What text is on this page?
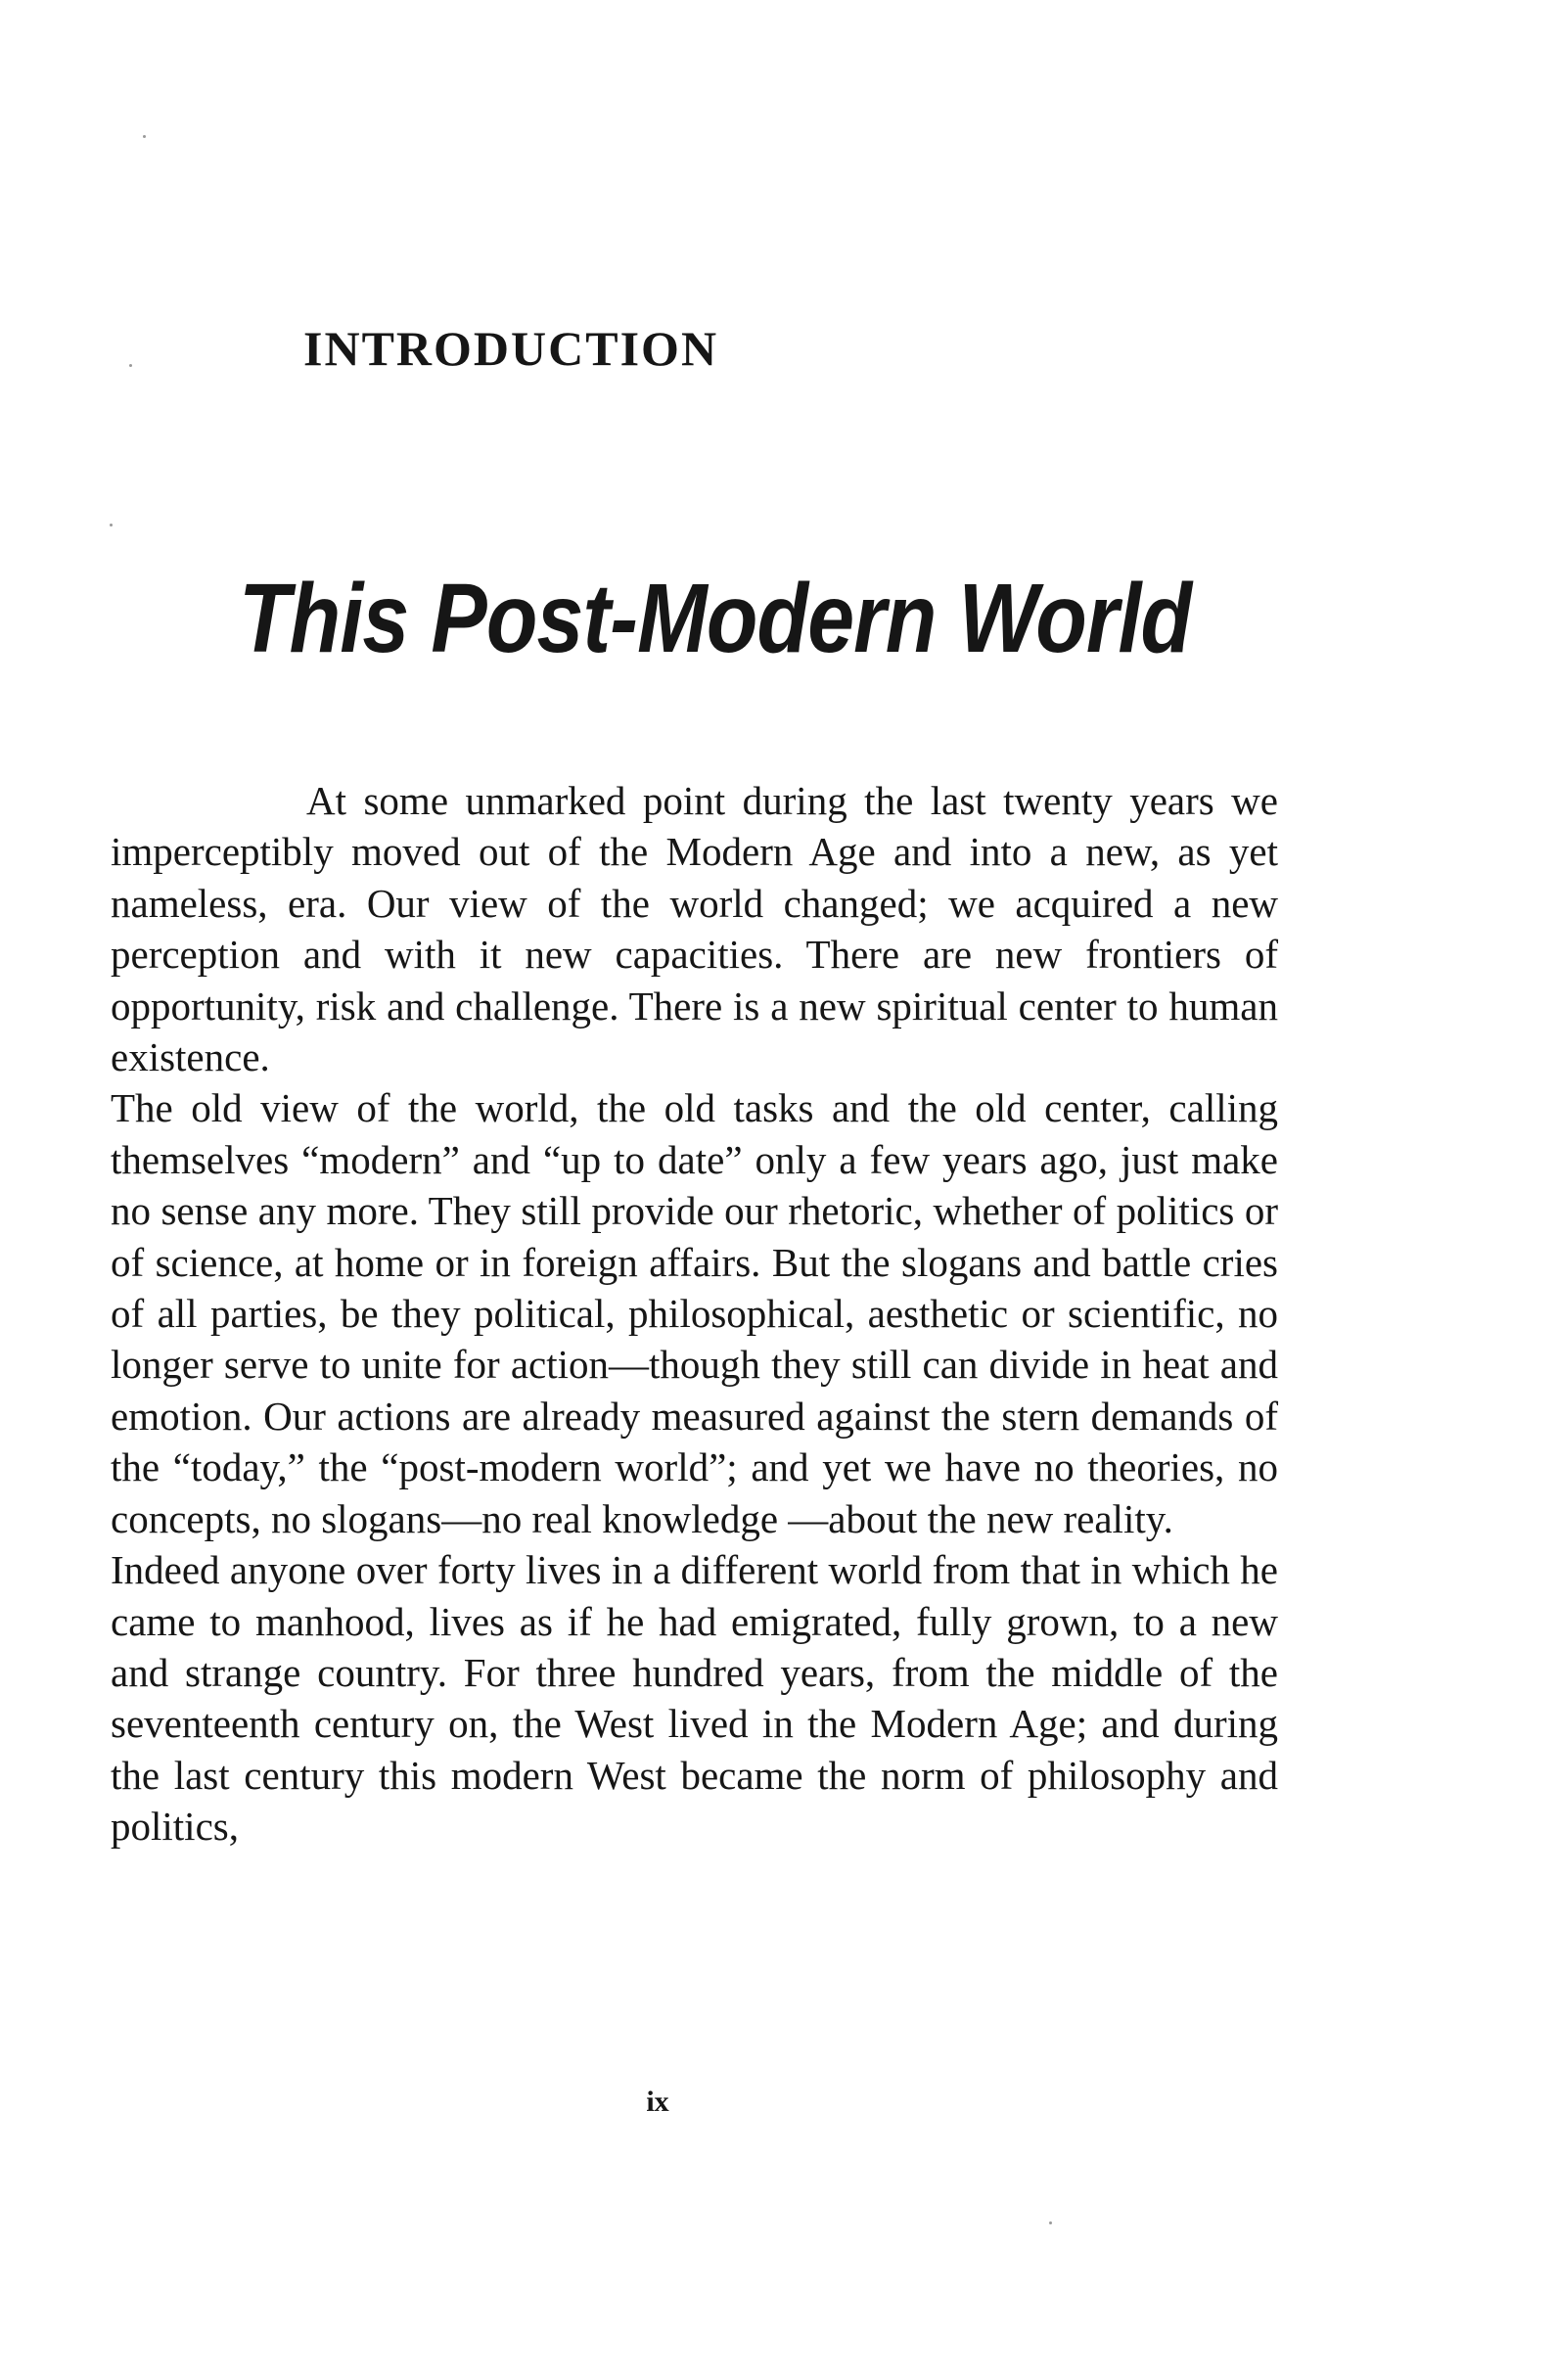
INTRODUCTION
This Post-Modern World

At some unmarked point during the last twenty years we imperceptibly moved out of the Modern Age and into a new, as yet nameless, era. Our view of the world changed; we acquired a new perception and with it new capacities. There are new frontiers of opportunity, risk and challenge. There is a new spiritual center to human existence.

The old view of the world, the old tasks and the old center, calling themselves “modern” and “up to date” only a few years ago, just make no sense any more. They still provide our rhetoric, whether of politics or of science, at home or in foreign affairs. But the slogans and battle cries of all parties, be they political, philosophical, aesthetic or scientific, no longer serve to unite for action—though they still can divide in heat and emotion. Our actions are already measured against the stern demands of the “today,” the “post-modern world”; and yet we have no theories, no concepts, no slogans—no real knowledge —about the new reality.

Indeed anyone over forty lives in a different world from that in which he came to manhood, lives as if he had emigrated, fully grown, to a new and strange country. For three hundred years, from the middle of the seventeenth century on, the West lived in the Modern Age; and during the last century this modern West became the norm of philosophy and politics,

ix
